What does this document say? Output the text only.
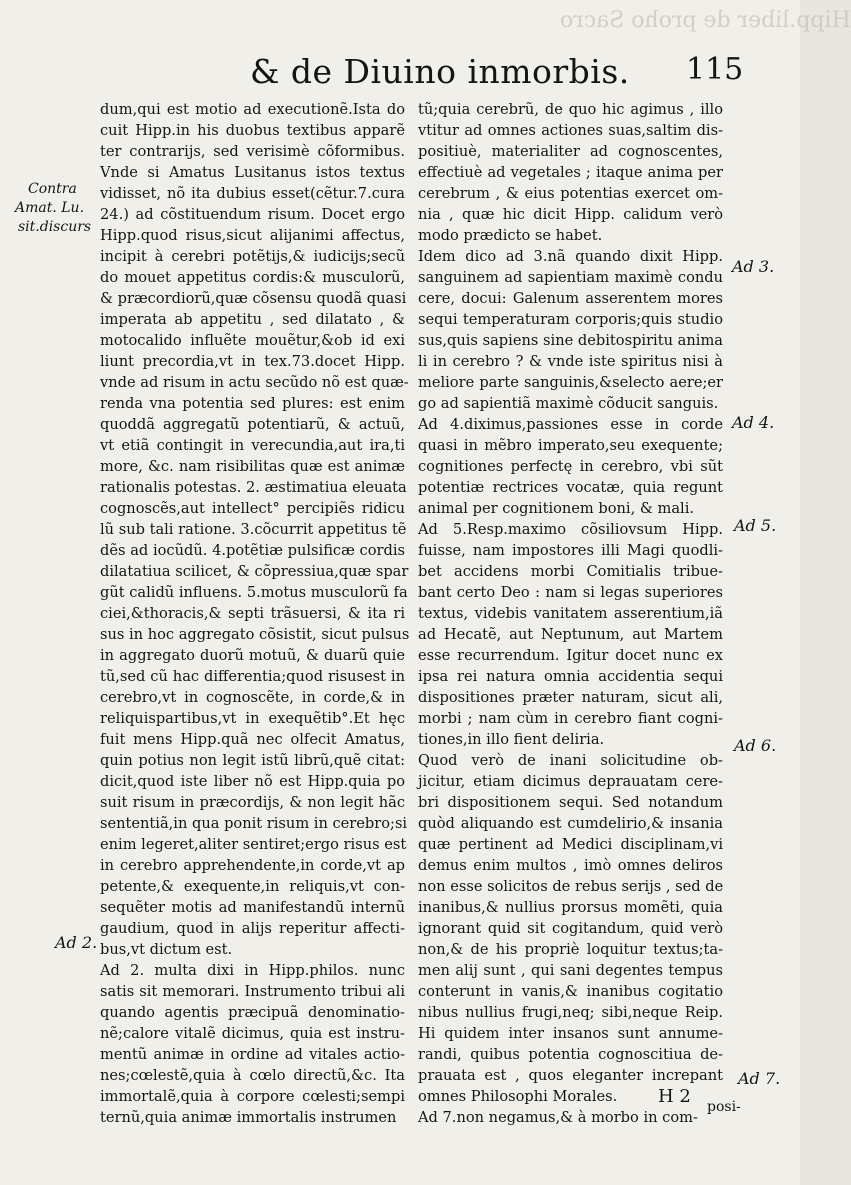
Hipp.liber de proho Sacro
& de Diuino inmorbis. 115
dum,qui est motio ad executionẽ.Ista do
cuit Hipp.in his duobus textibus apparẽ
ter contrarijs, sed verisimè cõformibus.
Vnde si Amatus Lusitanus istos textus
vidisset, nõ ita dubius esset(cẽtur.7.cura
24.) ad cõstituendum risum. Docet ergo
Hipp.quod risus,sicut alijanimi affectus,
incipit à cerebri potẽtijs,& iudicijs;secũ
do mouet appetitus cordis:& musculorũ,
& præcordiorũ,quæ cõsensu quodã quasi
imperata ab appetitu , sed dilatato , &
motocalido influẽte mouẽtur,&ob id exi
liunt precordia,vt in tex.73.docet Hipp.
vnde ad risum in actu secũdo nõ est quæ-
renda vna potentia sed plures: est enim
quoddã aggregatũ potentiarũ, & actuũ,
vt etiã contingit in verecundia,aut ira,ti
more, &c. nam risibilitas quæ est animæ
rationalis potestas. 2. æstimatiua eleuata
cognoscẽs,aut intellect° percipiẽs ridicu
lũ sub tali ratione. 3.cõcurrit appetitus tẽ
dẽs ad iocũdũ. 4.potẽtiæ pulsificæ cordis
dilatatiua scilicet, & cõpressiua,quæ spar
gũt calidũ influens. 5.motus musculorũ fa
ciei,&thoracis,& septi trãsuersi, & ita ri
sus in hoc aggregato cõsistit, sicut pulsus
in aggregato duorũ motuũ, & duarũ quie
tũ,sed cũ hac differentia;quod risusest in
cerebro,vt in cognoscẽte, in corde,& in
reliquispartibus,vt in exequẽtib°.Et hęc
fuit mens Hipp.quã nec olfecit Amatus,
quin potius non legit istũ librũ,quẽ citat:
dicit,quod iste liber nõ est Hipp.quia po
suit risum in præcordijs, & non legit hãc
sententiã,in qua ponit risum in cerebro;si
enim legeret,aliter sentiret;ergo risus est
in cerebro apprehendente,in corde,vt ap
petente,& exequente,in reliquis,vt con-
sequẽter motis ad manifestandũ internũ
gaudium, quod in alijs reperitur affecti-
bus,vt dictum est.
Ad 2. multa dixi in Hipp.philos. nunc
satis sit memorari. Instrumento tribui ali
quando agentis præcipuã denominatio-
nẽ;calore vitalẽ dicimus, quia est instru-
mentũ animæ in ordine ad vitales actio-
nes;cœlestẽ,quia à cœlo directũ,&c. Ita
immortalẽ,quia à corpore cœlesti;sempi
ternũ,quia animæ immortalis instrumen
tũ;quia cerebrũ, de quo hic agimus , illo
vtitur ad omnes actiones suas,saltim dis-
positiuè, materialiter ad cognoscentes,
effectiuè ad vegetales ; itaque anima per
cerebrum , & eius potentias exercet om-
nia , quæ hic dicit Hipp. calidum verò
modo prædicto se habet.
Idem dico ad 3.nã quando dixit Hipp.
sanguinem ad sapientiam maximè condu
cere, docui: Galenum asserentem mores
sequi temperaturam corporis;quis studio
sus,quis sapiens sine debitospiritu anima
li in cerebro ? & vnde iste spiritus nisi à
meliore parte sanguinis,&selecto aere;er
go ad sapientiã maximè cõducit sanguis.
Ad 4.diximus,passiones esse in corde
quasi in mẽbro imperato,seu exequente;
cognitiones perfectę in cerebro, vbi sũt
potentiæ rectrices vocatæ, quia regunt
animal per cognitionem boni, & mali.
Ad 5.Resp.maximo cõsiliovsum Hipp.
fuisse, nam impostores illi Magi quodli-
bet accidens morbi Comitialis tribue-
bant certo Deo : nam si legas superiores
textus, videbis vanitatem asserentium,iã
ad Hecatẽ, aut Neptunum, aut Martem
esse recurrendum. Igitur docet nunc ex
ipsa rei natura omnia accidentia sequi
dispositiones præter naturam, sicut ali,
morbi ; nam cùm in cerebro fiant cogni-
tiones,in illo fient deliria.
Quod verò de inani solicitudine ob-
jicitur, etiam dicimus deprauatam cere-
bri dispositionem sequi. Sed notandum
quòd aliquando est cumdelirio,& insania
quæ pertinent ad Medici disciplinam,vi
demus enim multos , imò omnes deliros
non esse solicitos de rebus serijs , sed de
inanibus,& nullius prorsus momẽti, quia
ignorant quid sit cogitandum, quid verò
non,& de his propriè loquitur textus;ta-
men alij sunt , qui sani degentes tempus
conterunt in vanis,& inanibus cogitatio
nibus nullius frugi,neq; sibi,neque Reip.
Hi quidem inter insanos sunt annume-
randi, quibus potentia cognoscitiua de-
prauata est , quos eleganter increpant
omnes Philosophi Morales.
Ad 7.non negamus,& à morbo in com-
Contra
Amat. Lu.
sit.discurs
Ad 2.
Ad 3.
Ad 4.
Ad 5.
Ad 6.
Ad 7.
H 2 posi-
